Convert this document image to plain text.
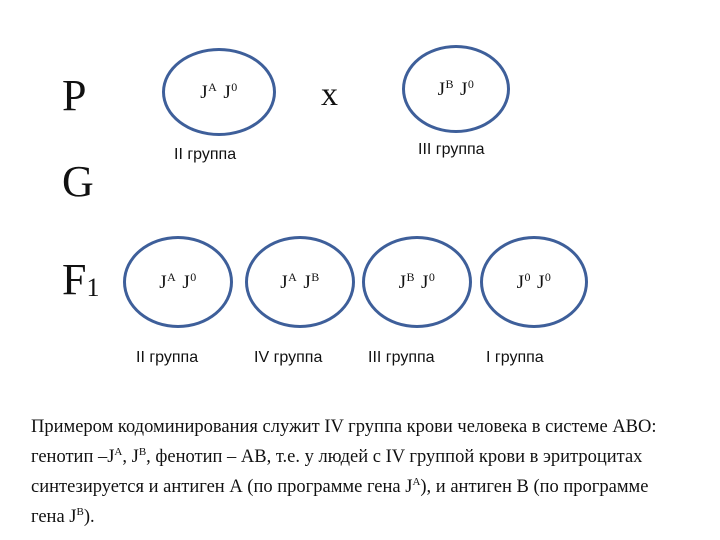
P
G
$F_1$
x
$J^A$ $J^0$	$J^B$ $J^0$
II группа	III группа
$J^A$ $J^0$	$J^A$ $J^B$	$J^B$ $J^0$	$J^0$ $J^0$
II группа	IV группа	III группа	I группа

Примером кодоминирования служит IV группа крови человека в системе АВО: генотип $-J^A$, $J^B$, фенотип – АВ, т.е. у людей с IV группой крови в эритроцитах синтезируется и антиген А (по программе гена $J^A$), и антиген В (по программе гена $J^B$).
